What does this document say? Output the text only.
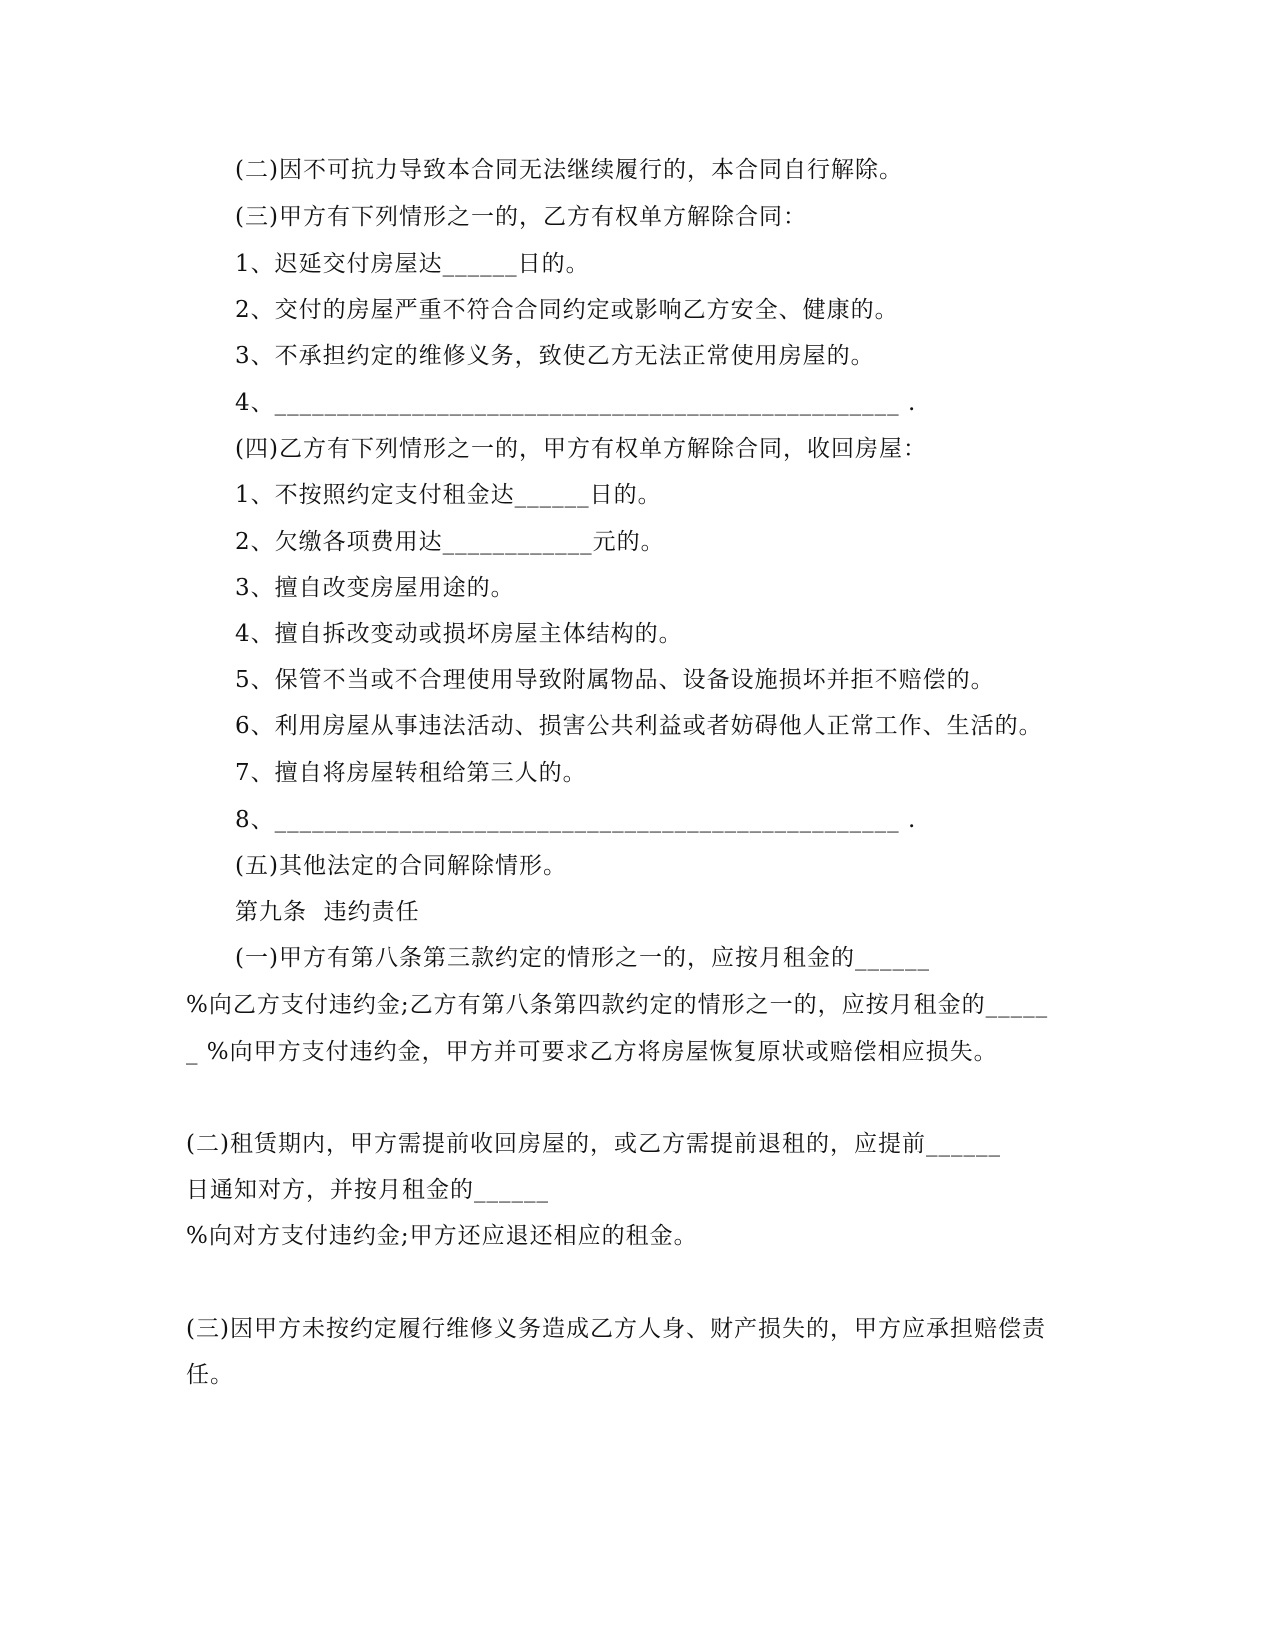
(二)因不可抗力导致本合同无法继续履行的，本合同自行解除。
(三)甲方有下列情形之一的，乙方有权单方解除合同：
1、迟延交付房屋达______日的。
2、交付的房屋严重不符合合同约定或影响乙方安全、健康的。
3、不承担约定的维修义务，致使乙方无法正常使用房屋的。
4、__________________________________________________ .
(四)乙方有下列情形之一的，甲方有权单方解除合同，收回房屋：
1、不按照约定支付租金达______日的。
2、欠缴各项费用达____________元的。
3、擅自改变房屋用途的。
4、擅自拆改变动或损坏房屋主体结构的。
5、保管不当或不合理使用导致附属物品、设备设施损坏并拒不赔偿的。
6、利用房屋从事违法活动、损害公共利益或者妨碍他人正常工作、生活的。
7、擅自将房屋转租给第三人的。
8、__________________________________________________ .
(五)其他法定的合同解除情形。
第九条  违约责任
(一)甲方有第八条第三款约定的情形之一的，应按月租金的______
%向乙方支付违约金;乙方有第八条第四款约定的情形之一的，应按月租金的_____
_ %向甲方支付违约金，甲方并可要求乙方将房屋恢复原状或赔偿相应损失。
(二)租赁期内，甲方需提前收回房屋的，或乙方需提前退租的，应提前______
日通知对方，并按月租金的______
%向对方支付违约金;甲方还应退还相应的租金。
(三)因甲方未按约定履行维修义务造成乙方人身、财产损失的，甲方应承担赔偿责
任。
